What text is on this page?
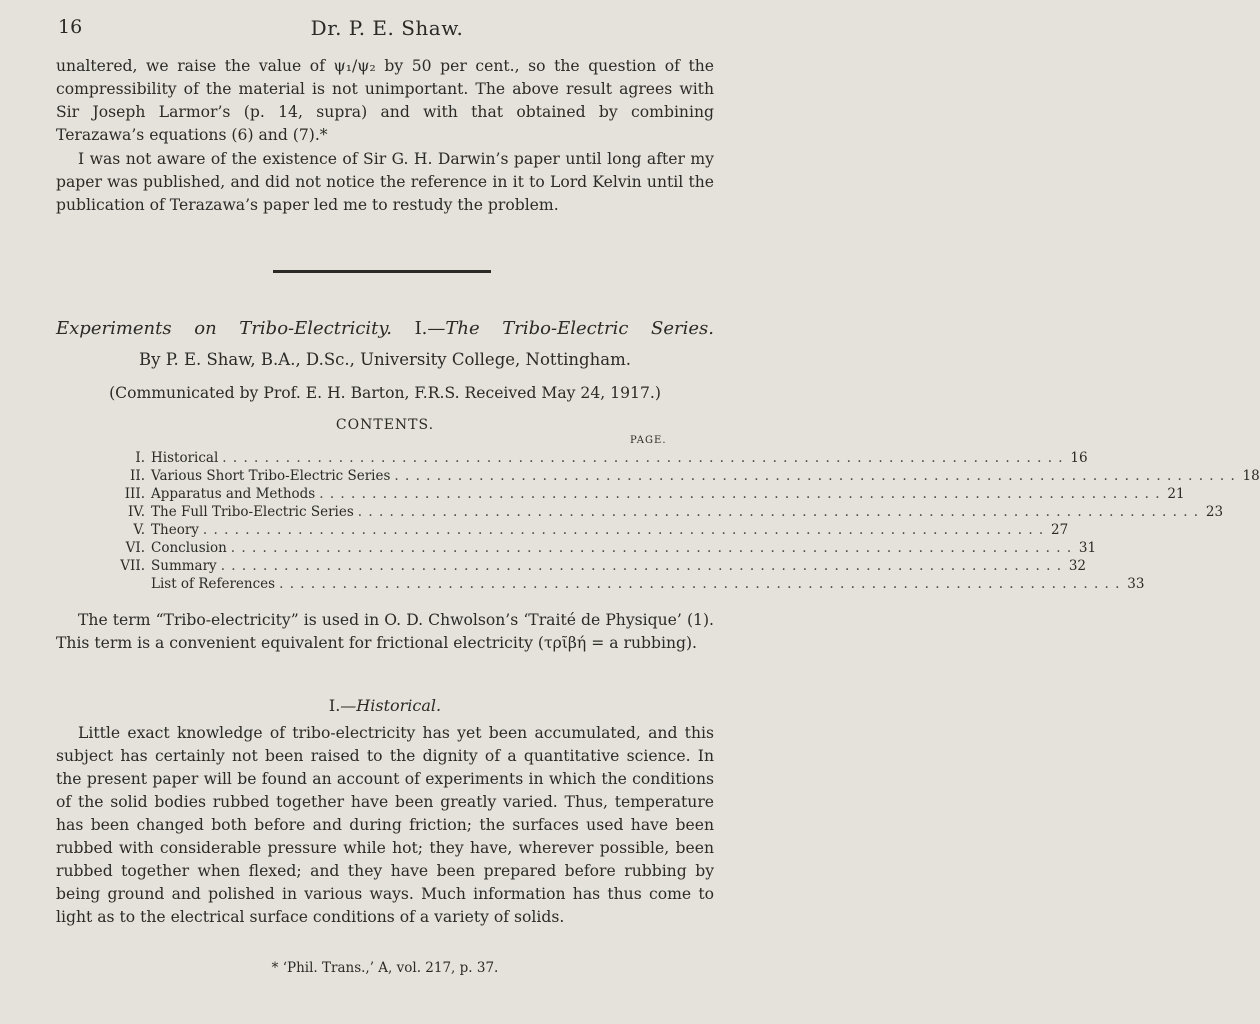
16	Dr. P. E. Shaw.

unaltered, we raise the value of ψ₁/ψ₂ by 50 per cent., so the question of the compressibility of the material is not unimportant. The above result agrees with Sir Joseph Larmor’s (p. 14, supra) and with that obtained by combining Terazawa’s equations (6) and (7).*

I was not aware of the existence of Sir G. H. Darwin’s paper until long after my paper was published, and did not notice the reference in it to Lord Kelvin until the publication of Terazawa’s paper led me to restudy the problem.

Experiments on Tribo-Electricity. I.—The Tribo-Electric Series.
By P. E. Shaw, B.A., D.Sc., University College, Nottingham.
(Communicated by Prof. E. H. Barton, F.R.S. Received May 24, 1917.)
CONTENTS.
PAGE.
I. Historical . . . . . . . . . . . . . . . . . . . . . . . . . . . . . . . . . . . . . . . . . . . . . . . . . . . . . . . . . . . . . . . . . . . . . . . . . . . . . . . . 16
II. Various Short Tribo-Electric Series . . . . . . . . . . . . . . . . . . . . . . . . . . . . . . . . . . . . . . . . . . . . . . . . . . . . . . . . . . . . . . . . . . . . . . . . . . . . . . . . 18
III. Apparatus and Methods . . . . . . . . . . . . . . . . . . . . . . . . . . . . . . . . . . . . . . . . . . . . . . . . . . . . . . . . . . . . . . . . . . . . . . . . . . . . . . . . 21
IV. The Full Tribo-Electric Series . . . . . . . . . . . . . . . . . . . . . . . . . . . . . . . . . . . . . . . . . . . . . . . . . . . . . . . . . . . . . . . . . . . . . . . . . . . . . . . . 23
V. Theory . . . . . . . . . . . . . . . . . . . . . . . . . . . . . . . . . . . . . . . . . . . . . . . . . . . . . . . . . . . . . . . . . . . . . . . . . . . . . . . . 27
VI. Conclusion . . . . . . . . . . . . . . . . . . . . . . . . . . . . . . . . . . . . . . . . . . . . . . . . . . . . . . . . . . . . . . . . . . . . . . . . . . . . . . . . 31
VII. Summary . . . . . . . . . . . . . . . . . . . . . . . . . . . . . . . . . . . . . . . . . . . . . . . . . . . . . . . . . . . . . . . . . . . . . . . . . . . . . . . . 32
List of References . . . . . . . . . . . . . . . . . . . . . . . . . . . . . . . . . . . . . . . . . . . . . . . . . . . . . . . . . . . . . . . . . . . . . . . . . . . . . . . . 33

The term “Tribo-electricity” is used in O. D. Chwolson’s ‘Traité de Physique’ (1). This term is a convenient equivalent for frictional electricity (τρῖβή = a rubbing).

I.—Historical.

Little exact knowledge of tribo-electricity has yet been accumulated, and this subject has certainly not been raised to the dignity of a quantitative science. In the present paper will be found an account of experiments in which the conditions of the solid bodies rubbed together have been greatly varied. Thus, temperature has been changed both before and during friction; the surfaces used have been rubbed with considerable pressure while hot; they have, wherever possible, been rubbed together when flexed; and they have been prepared before rubbing by being ground and polished in various ways. Much information has thus come to light as to the electrical surface conditions of a variety of solids.

* ‘Phil. Trans.,’ A, vol. 217, p. 37.
